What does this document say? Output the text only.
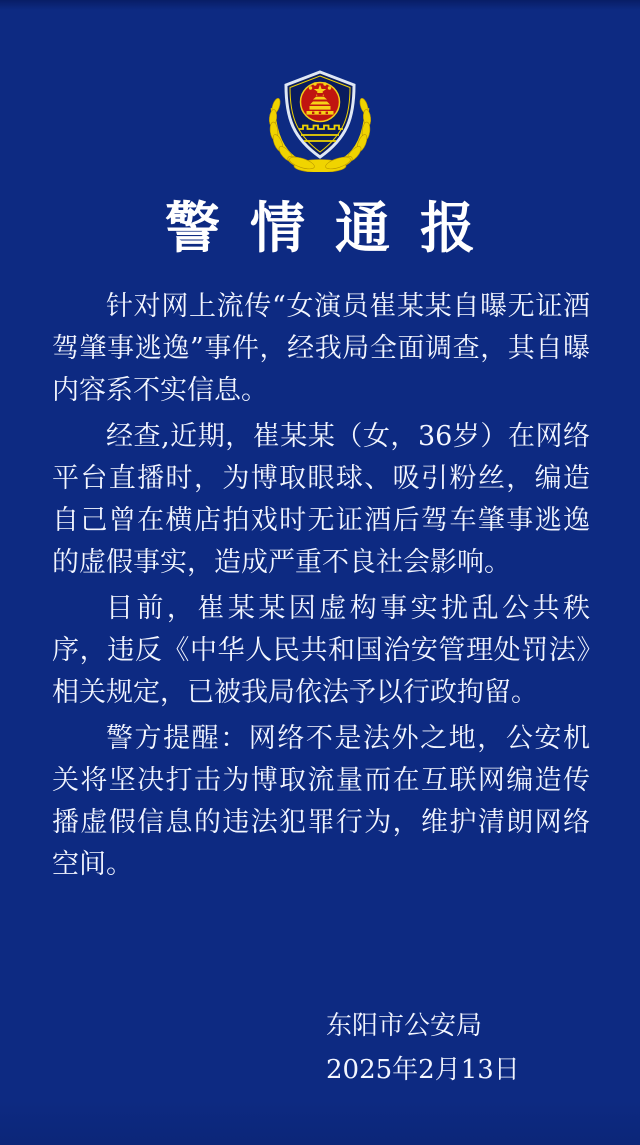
警情通报

针对网上流传“女演员崔某某自曝无证酒驾肇事逃逸”事件，经我局全面调查，其自曝内容系不实信息。

经查,近期，崔某某（女，36岁）在网络平台直播时，为博取眼球、吸引粉丝，编造自己曾在横店拍戏时无证酒后驾车肇事逃逸的虚假事实，造成严重不良社会影响。

目前，崔某某因虚构事实扰乱公共秩序，违反《中华人民共和国治安管理处罚法》相关规定，已被我局依法予以行政拘留。

警方提醒：网络不是法外之地，公安机关将坚决打击为博取流量而在互联网编造传播虚假信息的违法犯罪行为，维护清朗网络空间。

东阳市公安局
2025年2月13日
